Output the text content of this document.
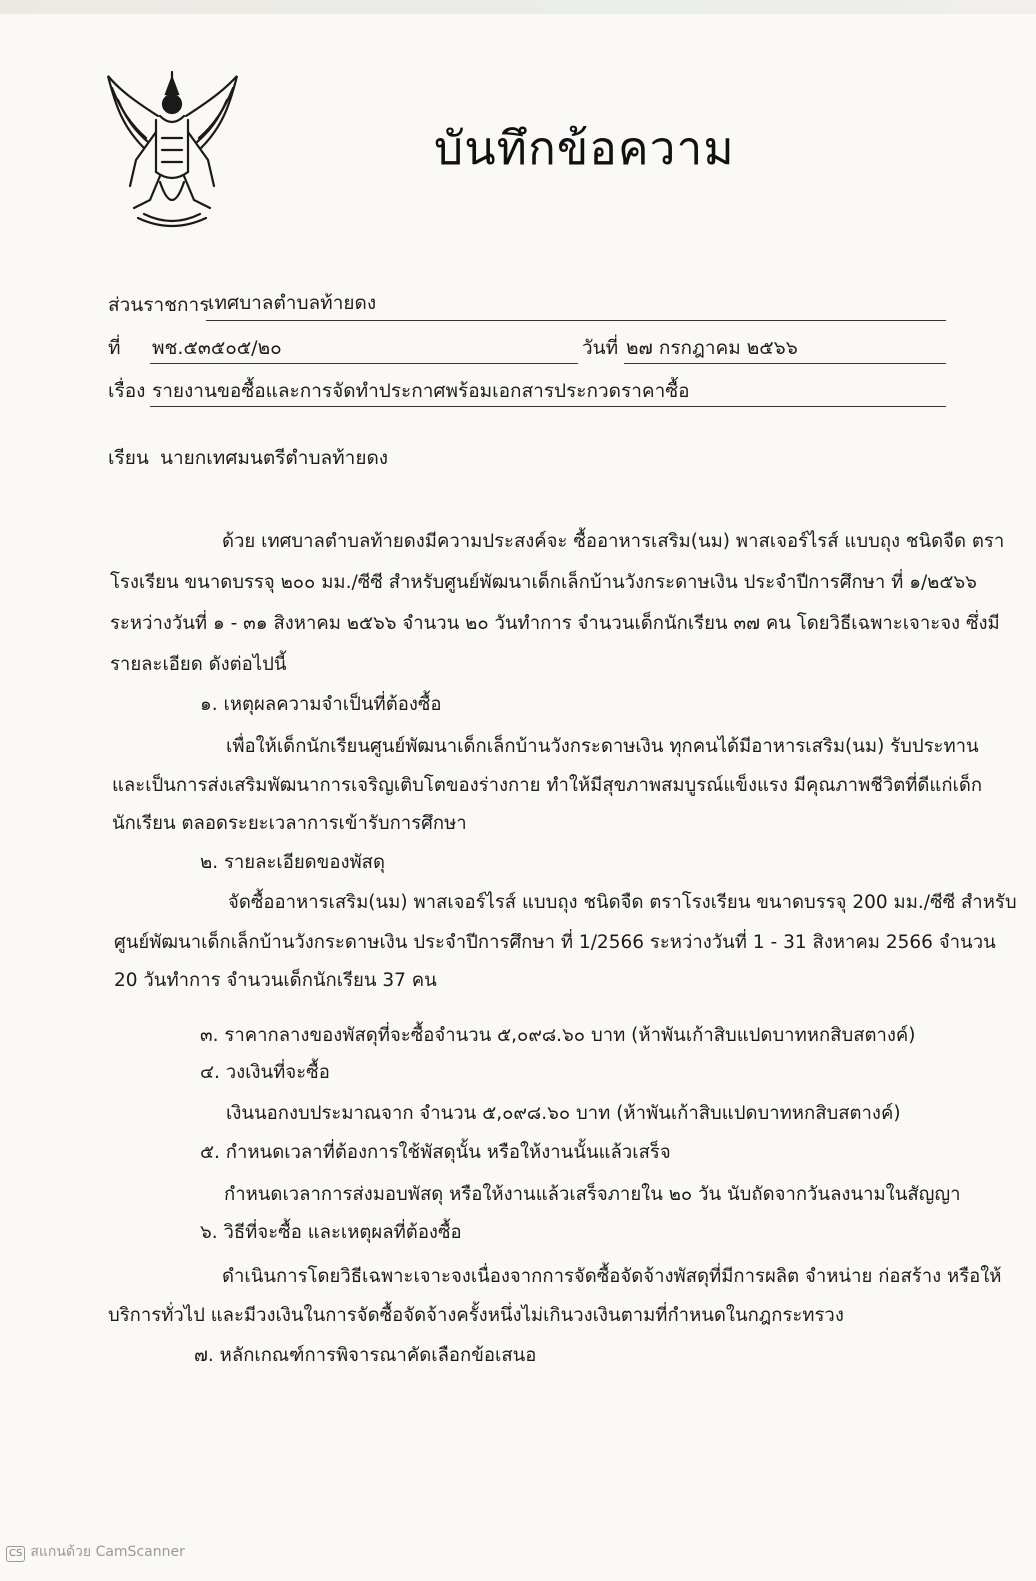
บันทึกข้อความ
ส่วนราชการ
เทศบาลตำบลท้ายดง
ที่ พช.๕๓๕๐๕/๒๐	วันที่ ๒๗ กรกฎาคม ๒๕๖๖
เรื่อง รายงานขอซื้อและการจัดทำประกาศพร้อมเอกสารประกวดราคาซื้อ
เรียน นายกเทศมนตรีตำบลท้ายดง
ด้วย เทศบาลตำบลท้ายดงมีความประสงค์จะ ซื้ออาหารเสริม(นม) พาสเจอร์ไรส์ แบบถุง ชนิดจืด ตรา
โรงเรียน ขนาดบรรจุ ๒๐๐ มม./ซีซี สำหรับศูนย์พัฒนาเด็กเล็กบ้านวังกระดาษเงิน ประจำปีการศึกษา ที่ ๑/๒๕๖๖
ระหว่างวันที่ ๑ - ๓๑ สิงหาคม ๒๕๖๖ จำนวน ๒๐ วันทำการ จำนวนเด็กนักเรียน ๓๗ คน โดยวิธีเฉพาะเจาะจง ซึ่งมี
รายละเอียด ดังต่อไปนี้
๑. เหตุผลความจำเป็นที่ต้องซื้อ
เพื่อให้เด็กนักเรียนศูนย์พัฒนาเด็กเล็กบ้านวังกระดาษเงิน ทุกคนได้มีอาหารเสริม(นม) รับประทาน
และเป็นการส่งเสริมพัฒนาการเจริญเติบโตของร่างกาย ทำให้มีสุขภาพสมบูรณ์แข็งแรง มีคุณภาพชีวิตที่ดีแก่เด็ก
นักเรียน ตลอดระยะเวลาการเข้ารับการศึกษา
๒. รายละเอียดของพัสดุ
จัดซื้ออาหารเสริม(นม) พาสเจอร์ไรส์ แบบถุง ชนิดจืด ตราโรงเรียน ขนาดบรรจุ 200 มม./ซีซี สำหรับ
ศูนย์พัฒนาเด็กเล็กบ้านวังกระดาษเงิน ประจำปีการศึกษา ที่ 1/2566 ระหว่างวันที่ 1 - 31 สิงหาคม 2566 จำนวน
20 วันทำการ จำนวนเด็กนักเรียน 37 คน
๓. ราคากลางของพัสดุที่จะซื้อจำนวน ๕,๐๙๘.๖๐ บาท (ห้าพันเก้าสิบแปดบาทหกสิบสตางค์)
๔. วงเงินที่จะซื้อ
เงินนอกงบประมาณจาก จำนวน ๕,๐๙๘.๖๐ บาท (ห้าพันเก้าสิบแปดบาทหกสิบสตางค์)
๕. กำหนดเวลาที่ต้องการใช้พัสดุนั้น หรือให้งานนั้นแล้วเสร็จ
กำหนดเวลาการส่งมอบพัสดุ หรือให้งานแล้วเสร็จภายใน ๒๐ วัน นับถัดจากวันลงนามในสัญญา
๖. วิธีที่จะซื้อ และเหตุผลที่ต้องซื้อ
ดำเนินการโดยวิธีเฉพาะเจาะจงเนื่องจากการจัดซื้อจัดจ้างพัสดุที่มีการผลิต จำหน่าย ก่อสร้าง หรือให้
บริการทั่วไป และมีวงเงินในการจัดซื้อจัดจ้างครั้งหนึ่งไม่เกินวงเงินตามที่กำหนดในกฎกระทรวง
๗. หลักเกณฑ์การพิจารณาคัดเลือกข้อเสนอ
CS สแกนด้วย CamScanner
